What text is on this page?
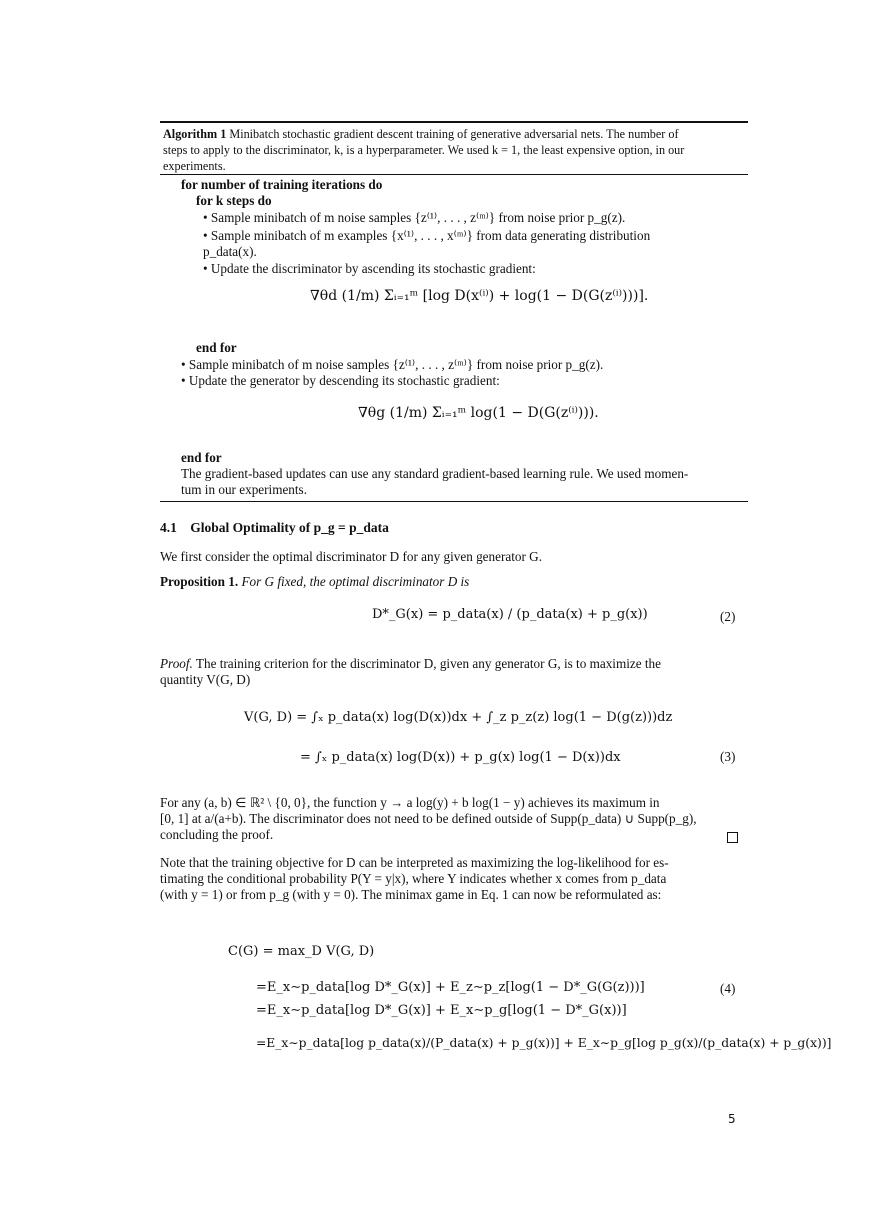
Algorithm 1 Minibatch stochastic gradient descent training of generative adversarial nets. The number of
steps to apply to the discriminator, k, is a hyperparameter. We used k = 1, the least expensive option, in our
experiments.
for number of training iterations do
for k steps do
• Sample minibatch of m noise samples {z⁽¹⁾, . . . , z⁽ᵐ⁾} from noise prior p_g(z).
• Sample minibatch of m examples {x⁽¹⁾, . . . , x⁽ᵐ⁾} from data generating distribution
p_data(x).
• Update the discriminator by ascending its stochastic gradient:
∇θd (1/m) Σᵢ₌₁ᵐ [log D(x⁽ⁱ⁾) + log(1 − D(G(z⁽ⁱ⁾)))].
end for
• Sample minibatch of m noise samples {z⁽¹⁾, . . . , z⁽ᵐ⁾} from noise prior p_g(z).
• Update the generator by descending its stochastic gradient:
∇θg (1/m) Σᵢ₌₁ᵐ log(1 − D(G(z⁽ⁱ⁾))).
end for
The gradient-based updates can use any standard gradient-based learning rule. We used momen-
tum in our experiments.
4.1 Global Optimality of p_g = p_data
We first consider the optimal discriminator D for any given generator G.
Proposition 1. For G fixed, the optimal discriminator D is
D*_G(x) = p_data(x) / (p_data(x) + p_g(x))	(2)
Proof. The training criterion for the discriminator D, given any generator G, is to maximize the
quantity V(G, D)
V(G, D) = ∫ₓ p_data(x) log(D(x))dx + ∫_z p_z(z) log(1 − D(g(z)))dz
= ∫ₓ p_data(x) log(D(x)) + p_g(x) log(1 − D(x))dx	(3)
For any (a, b) ∈ ℝ² \ {0, 0}, the function y → a log(y) + b log(1 − y) achieves its maximum in
[0, 1] at a/(a+b). The discriminator does not need to be defined outside of Supp(p_data) ∪ Supp(p_g),
concluding the proof.
Note that the training objective for D can be interpreted as maximizing the log-likelihood for es-
timating the conditional probability P(Y = y|x), where Y indicates whether x comes from p_data
(with y = 1) or from p_g (with y = 0). The minimax game in Eq. 1 can now be reformulated as:
C(G) = max_D V(G, D)
=E_x∼p_data[log D*_G(x)] + E_z∼p_z[log(1 − D*_G(G(z)))]	(4)
=E_x∼p_data[log D*_G(x)] + E_x∼p_g[log(1 − D*_G(x))]
=E_x∼p_data[log p_data(x)/(P_data(x) + p_g(x))] + E_x∼p_g[log p_g(x)/(p_data(x) + p_g(x))]
5
